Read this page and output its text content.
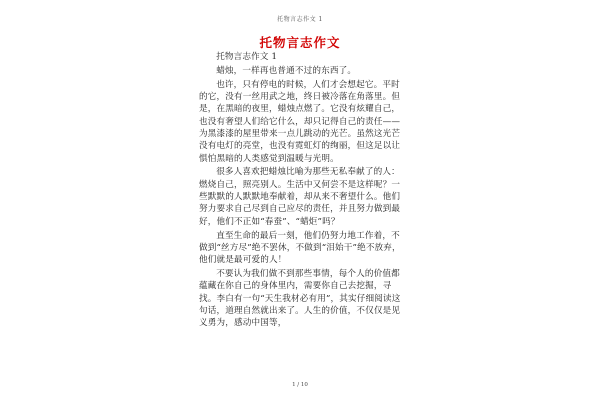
托物言志作文 1
托物言志作文

托物言志作文 1

蜡烛，一样再也普通不过的东西了。

也许，只有停电的时候，人们才会想起它。平时的它，没有一丝用武之地，终日被冷落在角落里。但是，在黑暗的夜里，蜡烛点燃了。它没有炫耀自己，也没有奢望人们给它什么，却只记得自己的责任——为黑漆漆的屋里带来一点儿跳动的光芒。虽然这光芒没有电灯的亮堂，也没有霓虹灯的绚丽，但这足以让惧怕黑暗的人类感觉到温暖与光明。

很多人喜欢把蜡烛比喻为那些无私奉献了的人：燃烧自己，照亮别人。生活中又何尝不是这样呢？一些默默的人默默地奉献着，却从来不奢望什么。他们努力要求自己尽到自己应尽的责任，并且努力做到最好，他们不正如“春蚕”、“蜡炬”吗？

直至生命的最后一刻，他们仍努力地工作着，不做到“丝方尽”绝不罢休，不做到“泪始干”绝不放弃，他们就是最可爱的人！

不要认为我们做不到那些事情，每个人的价值都蕴藏在你自己的身体里内，需要你自己去挖掘，寻找。李白有一句“天生我材必有用”，其实仔细阅读这句话，道理自然就出来了。人生的价值，不仅仅是见义勇为，感动中国等，

1 / 10
